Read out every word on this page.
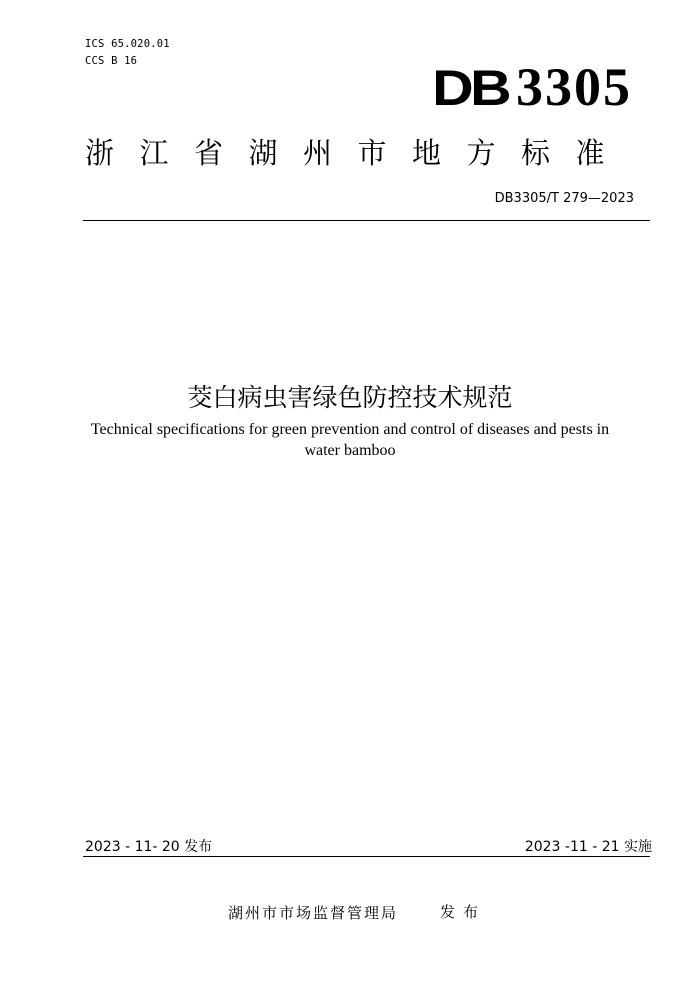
ICS 65.020.01
CCS B 16	DB 3305
浙江省湖州市地方标准
DB3305/T 279—2023
茭白病虫害绿色防控技术规范
Technical specifications for green prevention and control of diseases and pests in water bamboo
2023 - 11- 20 发布	2023 -11 - 21 实施
湖州市市场监督管理局	发布
